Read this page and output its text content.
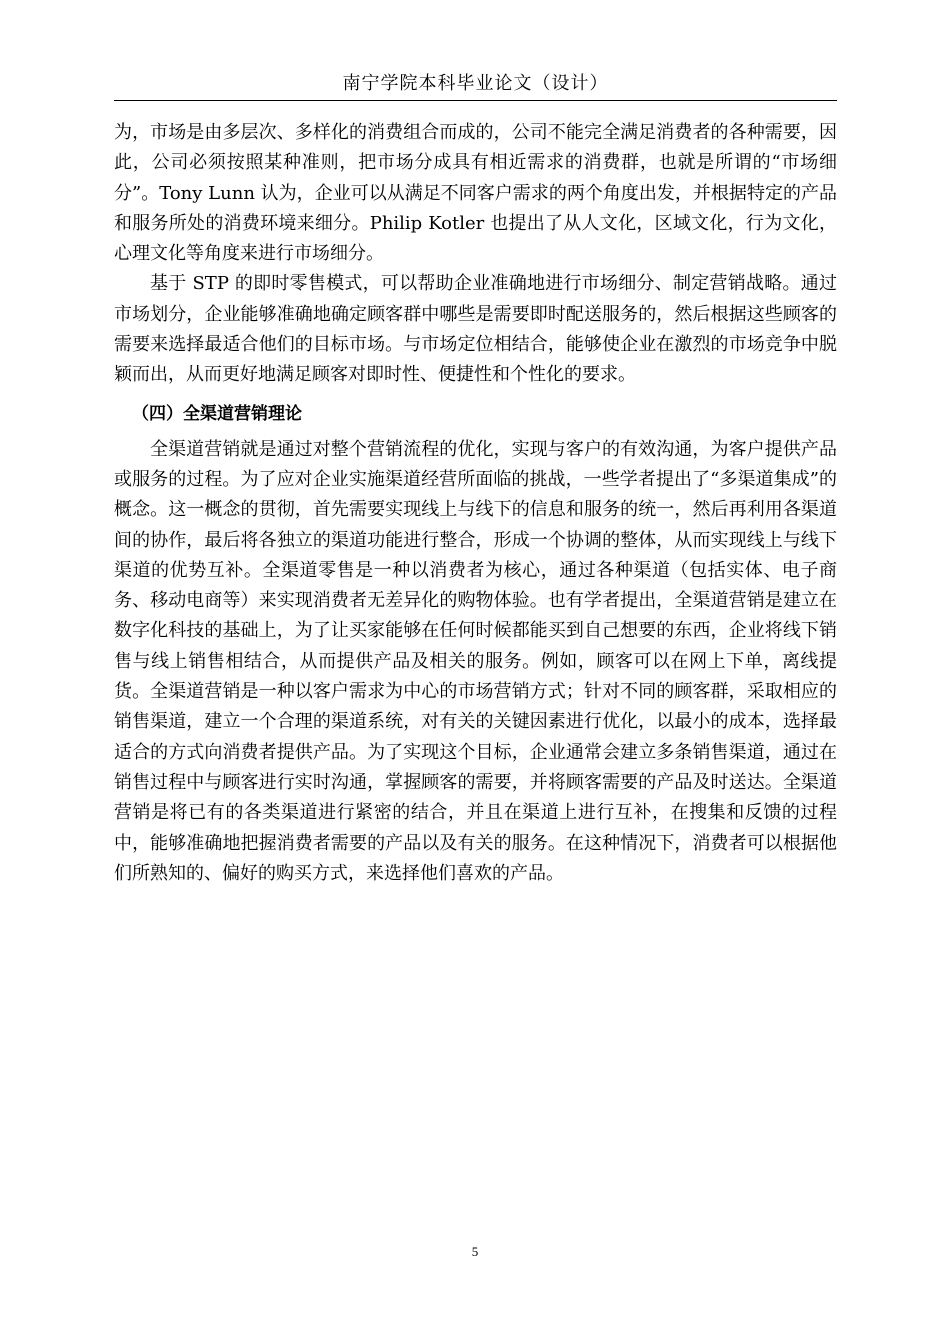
南宁学院本科毕业论文（设计）

为，市场是由多层次、多样化的消费组合而成的，公司不能完全满足消费者的各种需要，因此，公司必须按照某种准则，把市场分成具有相近需求的消费群，也就是所谓的“市场细分”。Tony Lunn 认为，企业可以从满足不同客户需求的两个角度出发，并根据特定的产品和服务所处的消费环境来细分。Philip Kotler 也提出了从人文化，区域文化，行为文化，心理文化等角度来进行市场细分。

基于 STP 的即时零售模式，可以帮助企业准确地进行市场细分、制定营销战略。通过市场划分，企业能够准确地确定顾客群中哪些是需要即时配送服务的，然后根据这些顾客的需要来选择最适合他们的目标市场。与市场定位相结合，能够使企业在激烈的市场竞争中脱颖而出，从而更好地满足顾客对即时性、便捷性和个性化的要求。

（四）全渠道营销理论

全渠道营销就是通过对整个营销流程的优化，实现与客户的有效沟通，为客户提供产品或服务的过程。为了应对企业实施渠道经营所面临的挑战，一些学者提出了“多渠道集成”的概念。这一概念的贯彻，首先需要实现线上与线下的信息和服务的统一，然后再利用各渠道间的协作，最后将各独立的渠道功能进行整合，形成一个协调的整体，从而实现线上与线下渠道的优势互补。全渠道零售是一种以消费者为核心，通过各种渠道（包括实体、电子商务、移动电商等）来实现消费者无差异化的购物体验。也有学者提出，全渠道营销是建立在数字化科技的基础上，为了让买家能够在任何时候都能买到自己想要的东西，企业将线下销售与线上销售相结合，从而提供产品及相关的服务。例如，顾客可以在网上下单，离线提货。全渠道营销是一种以客户需求为中心的市场营销方式；针对不同的顾客群，采取相应的销售渠道，建立一个合理的渠道系统，对有关的关键因素进行优化，以最小的成本，选择最适合的方式向消费者提供产品。为了实现这个目标，企业通常会建立多条销售渠道，通过在销售过程中与顾客进行实时沟通，掌握顾客的需要，并将顾客需要的产品及时送达。全渠道营销是将已有的各类渠道进行紧密的结合，并且在渠道上进行互补，在搜集和反馈的过程中，能够准确地把握消费者需要的产品以及有关的服务。在这种情况下，消费者可以根据他们所熟知的、偏好的购买方式，来选择他们喜欢的产品。

5
